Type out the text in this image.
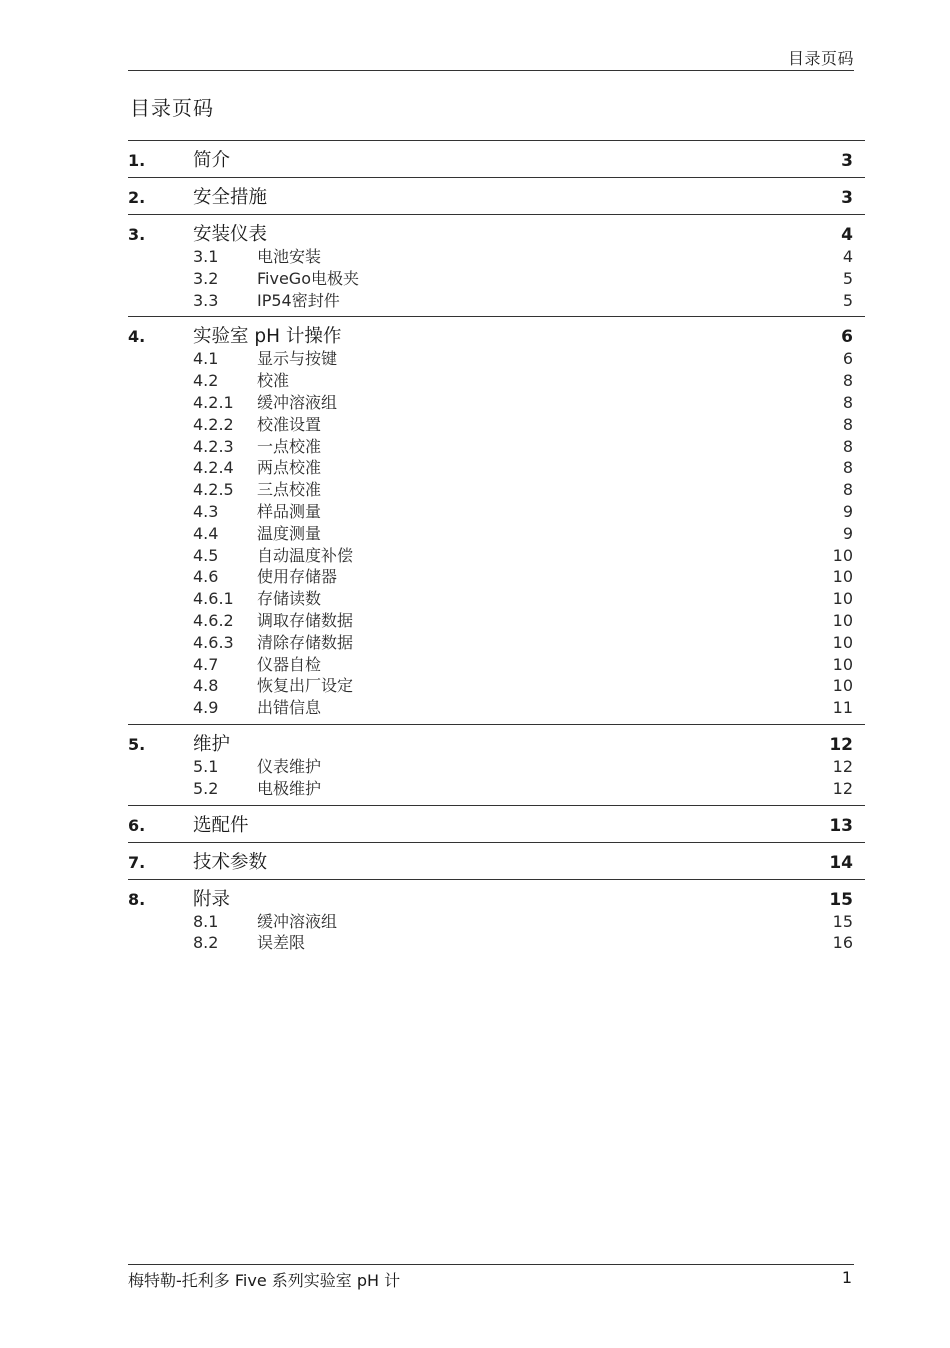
目录页码
目录页码
1.	简介	3
2.	安全措施	3
3.	安装仪表	4
3.1	电池安装	4
3.2	FiveGo电极夹	5
3.3	IP54密封件	5
4.	实验室 pH 计操作	6
4.1	显示与按键	6
4.2	校准	8
4.2.1	缓冲溶液组	8
4.2.2	校准设置	8
4.2.3	一点校准	8
4.2.4	两点校准	8
4.2.5	三点校准	8
4.3	样品测量	9
4.4	温度测量	9
4.5	自动温度补偿	10
4.6	使用存储器	10
4.6.1	存储读数	10
4.6.2	调取存储数据	10
4.6.3	清除存储数据	10
4.7	仪器自检	10
4.8	恢复出厂设定	10
4.9	出错信息	11
5.	维护	12
5.1	仪表维护	12
5.2	电极维护	12
6.	选配件	13
7.	技术参数	14
8.	附录	15
8.1	缓冲溶液组	15
8.2	误差限	16
梅特勒-托利多 Five 系列实验室 pH 计	1
